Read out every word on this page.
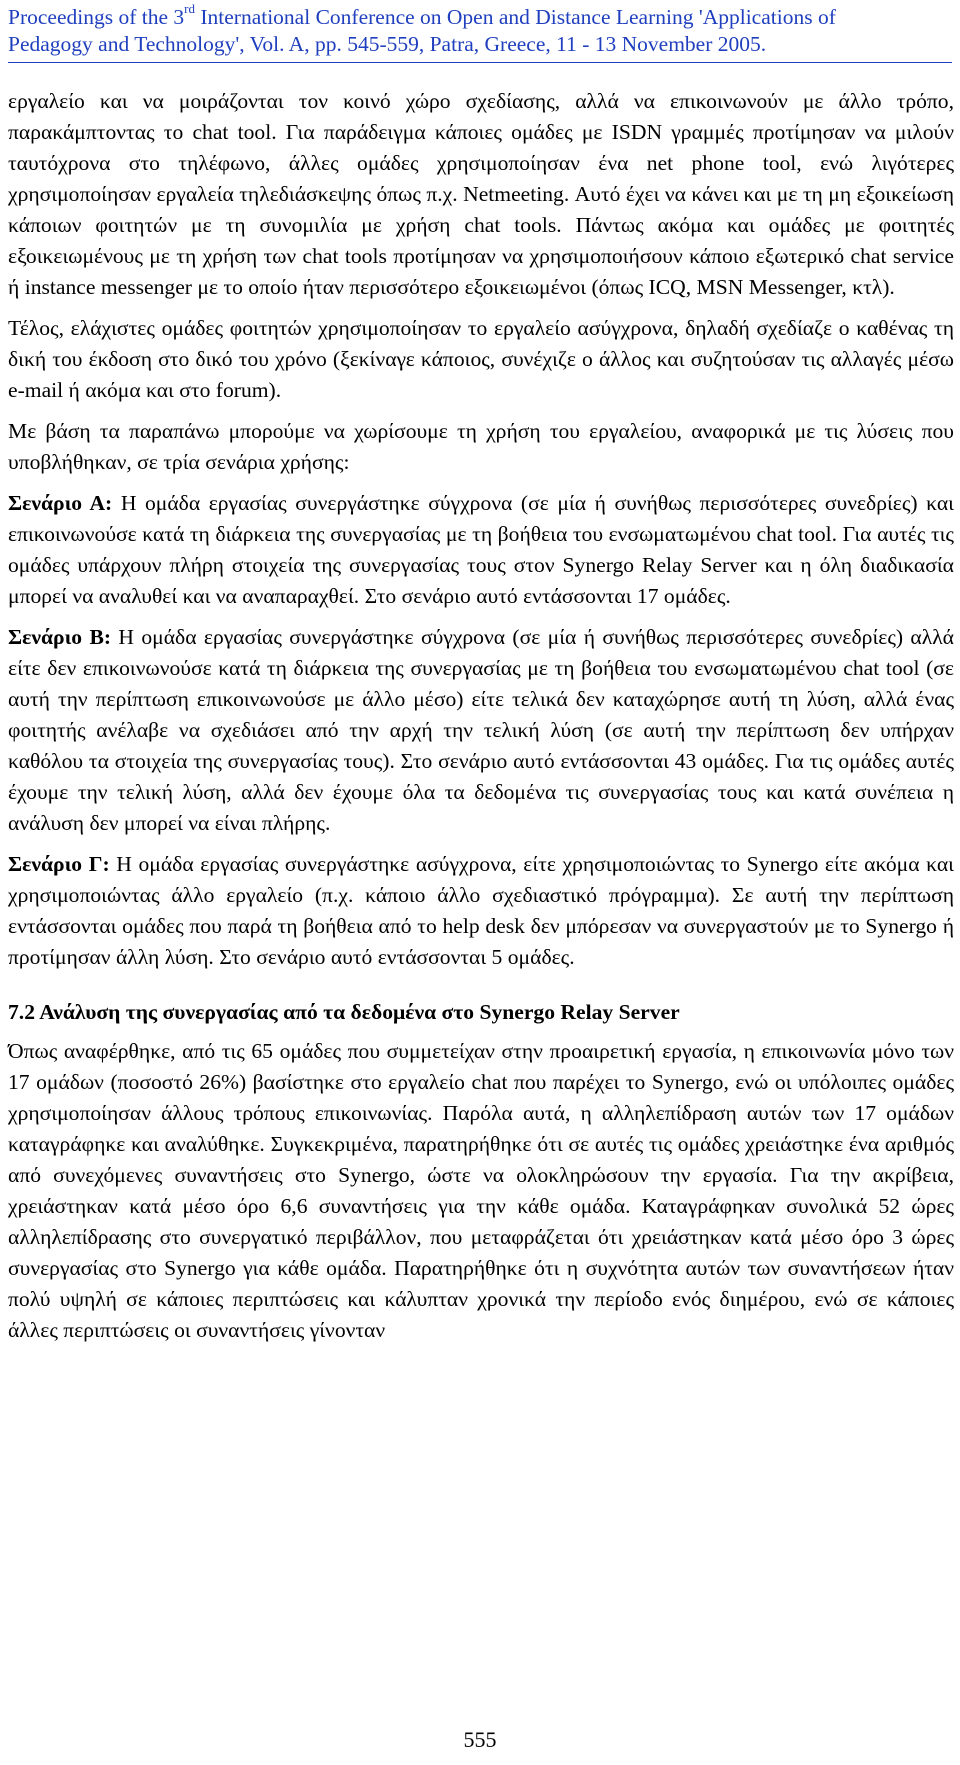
Proceedings of the 3rd International Conference on Open and Distance Learning 'Applications of
Pedagogy and Technology', Vol. A, pp. 545-559, Patra, Greece, 11 - 13 November 2005.

εργαλείο και να μοιράζονται τον κοινό χώρο σχεδίασης, αλλά να επικοινωνούν με άλλο τρόπο, παρακάμπτοντας το chat tool. Για παράδειγμα κάποιες ομάδες με ISDN γραμμές προτίμησαν να μιλούν ταυτόχρονα στο τηλέφωνο, άλλες ομάδες χρησιμοποίησαν ένα net phone tool, ενώ λιγότερες χρησιμοποίησαν εργαλεία τηλεδιάσκεψης όπως π.χ. Netmeeting. Αυτό έχει να κάνει και με τη μη εξοικείωση κάποιων φοιτητών με τη συνομιλία με χρήση chat tools. Πάντως ακόμα και ομάδες με φοιτητές εξοικειωμένους με τη χρήση των chat tools προτίμησαν να χρησιμοποιήσουν κάποιο εξωτερικό chat service ή instance messenger με το οποίο ήταν περισσότερο εξοικειωμένοι (όπως ICQ, MSN Messenger, κτλ).

Τέλος, ελάχιστες ομάδες φοιτητών χρησιμοποίησαν το εργαλείο ασύγχρονα, δηλαδή σχεδίαζε ο καθένας τη δική του έκδοση στο δικό του χρόνο (ξεκίναγε κάποιος, συνέχιζε ο άλλος και συζητούσαν τις αλλαγές μέσω e-mail ή ακόμα και στο forum).

Με βάση τα παραπάνω μπορούμε να χωρίσουμε τη χρήση του εργαλείου, αναφορικά με τις λύσεις που υποβλήθηκαν, σε τρία σενάρια χρήσης:

Σενάριο Α: Η ομάδα εργασίας συνεργάστηκε σύγχρονα (σε μία ή συνήθως περισσότερες συνεδρίες) και επικοινωνούσε κατά τη διάρκεια της συνεργασίας με τη βοήθεια του ενσωματωμένου chat tool. Για αυτές τις ομάδες υπάρχουν πλήρη στοιχεία της συνεργασίας τους στον Synergo Relay Server και η όλη διαδικασία μπορεί να αναλυθεί και να αναπαραχθεί. Στο σενάριο αυτό εντάσσονται 17 ομάδες.

Σενάριο Β: Η ομάδα εργασίας συνεργάστηκε σύγχρονα (σε μία ή συνήθως περισσότερες συνεδρίες) αλλά είτε δεν επικοινωνούσε κατά τη διάρκεια της συνεργασίας με τη βοήθεια του ενσωματωμένου chat tool (σε αυτή την περίπτωση επικοινωνούσε με άλλο μέσο) είτε τελικά δεν καταχώρησε αυτή τη λύση, αλλά ένας φοιτητής ανέλαβε να σχεδιάσει από την αρχή την τελική λύση (σε αυτή την περίπτωση δεν υπήρχαν καθόλου τα στοιχεία της συνεργασίας τους). Στο σενάριο αυτό εντάσσονται 43 ομάδες. Για τις ομάδες αυτές έχουμε την τελική λύση, αλλά δεν έχουμε όλα τα δεδομένα τις συνεργασίας τους και κατά συνέπεια η ανάλυση δεν μπορεί να είναι πλήρης.

Σενάριο Γ: Η ομάδα εργασίας συνεργάστηκε ασύγχρονα, είτε χρησιμοποιώντας το Synergo είτε ακόμα και χρησιμοποιώντας άλλο εργαλείο (π.χ. κάποιο άλλο σχεδιαστικό πρόγραμμα). Σε αυτή την περίπτωση εντάσσονται ομάδες που παρά τη βοήθεια από το help desk δεν μπόρεσαν να συνεργαστούν με το Synergo ή προτίμησαν άλλη λύση. Στο σενάριο αυτό εντάσσονται 5 ομάδες.

7.2 Ανάλυση της συνεργασίας από τα δεδομένα στο Synergo Relay Server

Όπως αναφέρθηκε, από τις 65 ομάδες που συμμετείχαν στην προαιρετική εργασία, η επικοινωνία μόνο των 17 ομάδων (ποσοστό 26%) βασίστηκε στο εργαλείο chat που παρέχει το Synergo, ενώ οι υπόλοιπες ομάδες χρησιμοποίησαν άλλους τρόπους επικοινωνίας. Παρόλα αυτά, η αλληλεπίδραση αυτών των 17 ομάδων καταγράφηκε και αναλύθηκε. Συγκεκριμένα, παρατηρήθηκε ότι σε αυτές τις ομάδες χρειάστηκε ένα αριθμός από συνεχόμενες συναντήσεις στο Synergo, ώστε να ολοκληρώσουν την εργασία. Για την ακρίβεια, χρειάστηκαν κατά μέσο όρο 6,6 συναντήσεις για την κάθε ομάδα. Καταγράφηκαν συνολικά 52 ώρες αλληλεπίδρασης στο συνεργατικό περιβάλλον, που μεταφράζεται ότι χρειάστηκαν κατά μέσο όρο 3 ώρες συνεργασίας στο Synergo για κάθε ομάδα. Παρατηρήθηκε ότι η συχνότητα αυτών των συναντήσεων ήταν πολύ υψηλή σε κάποιες περιπτώσεις και κάλυπταν χρονικά την περίοδο ενός διημέρου, ενώ σε κάποιες άλλες περιπτώσεις οι συναντήσεις γίνονταν

555
